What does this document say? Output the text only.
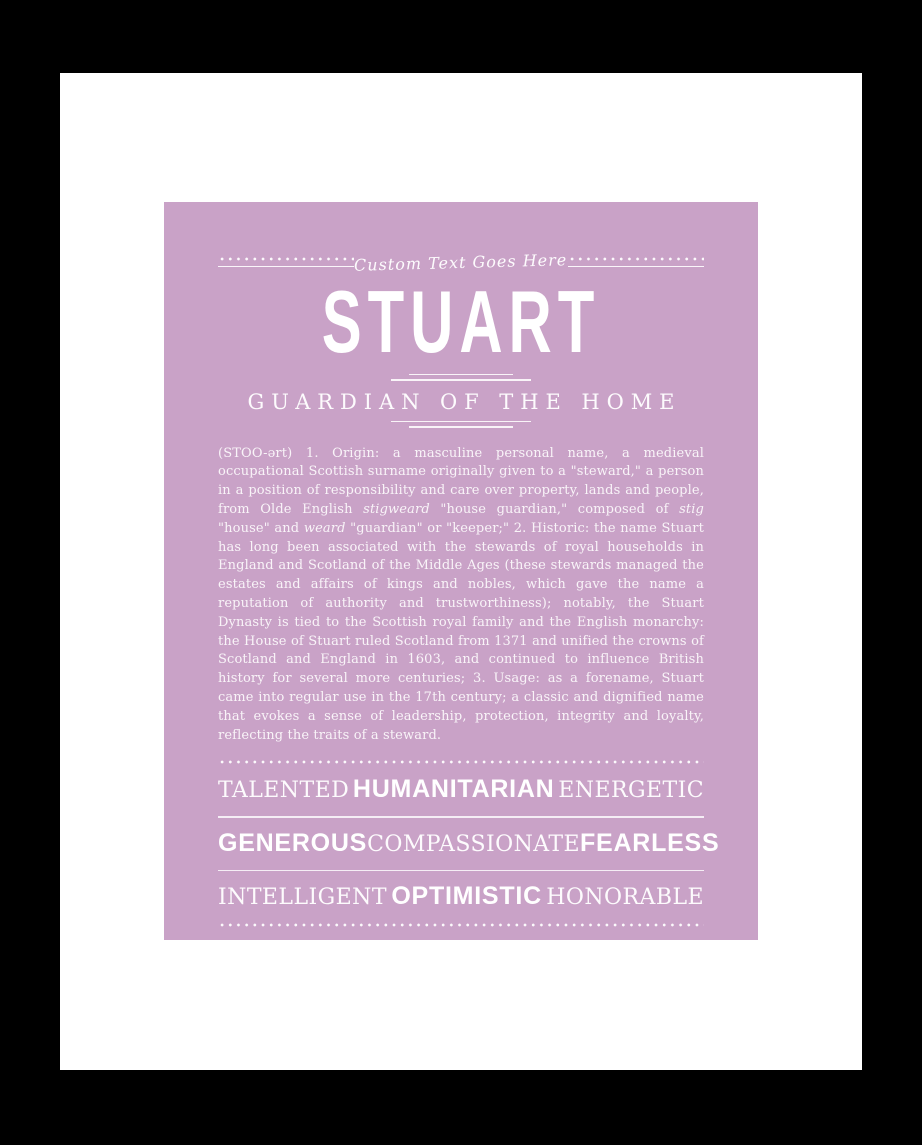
Custom Text Goes Here
STUART
GUARDIAN OF THE HOME

(STOO-ərt) 1. Origin: a masculine personal name, a medieval occupational Scottish surname originally given to a "steward," a person in a position of responsibility and care over property, lands and people, from Olde English stigweard "house guardian," composed of stig "house" and weard "guardian" or "keeper;" 2. Historic: the name Stuart has long been associated with the stewards of royal households in England and Scotland of the Middle Ages (these stewards managed the estates and affairs of kings and nobles, which gave the name a reputation of authority and trustworthiness); notably, the Stuart Dynasty is tied to the Scottish royal family and the English monarchy: the House of Stuart ruled Scotland from 1371 and unified the crowns of Scotland and England in 1603, and continued to influence British history for several more centuries; 3. Usage: as a forename, Stuart came into regular use in the 17th century; a classic and dignified name that evokes a sense of leadership, protection, integrity and loyalty, reflecting the traits of a steward.

TALENTED HUMANITARIAN ENERGETIC
GENEROUS COMPASSIONATE FEARLESS
INTELLIGENT OPTIMISTIC HONORABLE
